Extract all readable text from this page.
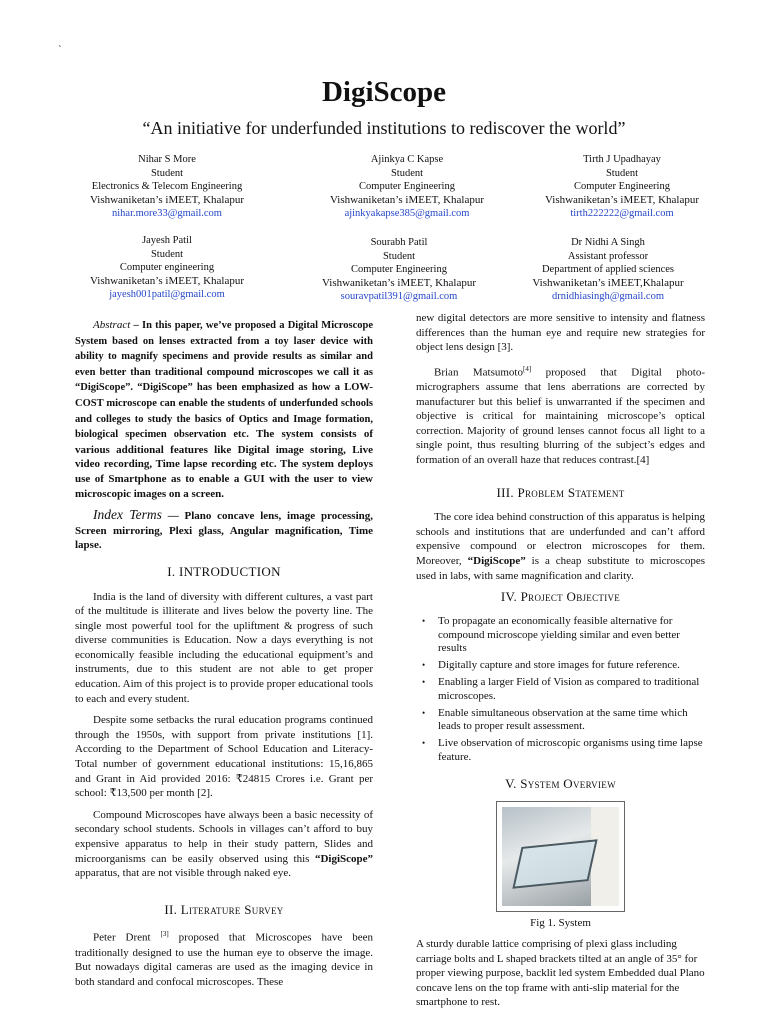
`
DigiScope

“An initiative for underfunded institutions to rediscover the world”

Nihar S More
Student
Electronics & Telecom Engineering
Vishwaniketan’s iMEET, Khalapur
nihar.more33@gmail.com
Ajinkya C Kapse
Student
Computer Engineering
Vishwaniketan’s iMEET, Khalapur
ajinkyakapse385@gmail.com
Tirth J Upadhayay
Student
Computer Engineering
Vishwaniketan’s iMEET, Khalapur
tirth222222@gmail.com
Jayesh Patil
Student
Computer engineering
Vishwaniketan’s iMEET, Khalapur
jayesh001patil@gmail.com
Sourabh Patil
Student
Computer Engineering
Vishwaniketan’s iMEET, Khalapur
souravpatil391@gmail.com
Dr Nidhi A Singh
Assistant professor
Department of applied sciences
Vishwaniketan’s iMEET,Khalapur
drnidhiasingh@gmail.com

Abstract – In this paper, we’ve proposed a Digital Microscope System based on lenses extracted from a toy laser device with ability to magnify specimens and provide results as similar and even better than traditional compound microscopes we call it as “DigiScope”. “DigiScope” has been emphasized as how a LOW-COST microscope can enable the students of underfunded schools and colleges to study the basics of Optics and Image formation, biological specimen observation etc. The system consists of various additional features like Digital image storing, Live video recording, Time lapse recording etc. The system deploys use of Smartphone as to enable a GUI with the user to view microscopic images on a screen.

Index Terms — Plano concave lens, image processing, Screen mirroring, Plexi glass, Angular magnification, Time lapse.

I. INTRODUCTION

India is the land of diversity with different cultures, a vast part of the multitude is illiterate and lives below the poverty line. The single most powerful tool for the upliftment & progress of such diverse communities is Education. Now a days everything is not economically feasible including the educational equipment’s and instruments, due to this student are not able to get proper education. Aim of this project is to provide proper educational tools to each and every student.

Despite some setbacks the rural education programs continued through the 1950s, with support from private institutions [1]. According to the Department of School Education and Literacy- Total number of government educational institutions: 15,16,865 and Grant in Aid provided 2016: ₹24815 Crores i.e. Grant per school: ₹13,500 per month [2].

Compound Microscopes have always been a basic necessity of secondary school students. Schools in villages can’t afford to buy expensive apparatus to help in their study pattern, Slides and microorganisms can be easily observed using this “DigiScope” apparatus, that are not visible through naked eye.

II. Literature Survey

Peter Drent [3] proposed that Microscopes have been traditionally designed to use the human eye to observe the image. But nowadays digital cameras are used as the imaging device in both standard and confocal microscopes. These

new digital detectors are more sensitive to intensity and flatness differences than the human eye and require new strategies for object lens design [3].

Brian Matsumoto[4] proposed that Digital photo-micrographers assume that lens aberrations are corrected by manufacturer but this belief is unwarranted if the specimen and objective is critical for maintaining microscope’s optical correction. Majority of ground lenses cannot focus all light to a single point, thus resulting blurring of the subject’s edges and formation of an overall haze that reduces contrast.[4]

III. Problem Statement

The core idea behind construction of this apparatus is helping schools and institutions that are underfunded and can’t afford expensive compound or electron microscopes for them. Moreover, “DigiScope” is a cheap substitute to microscopes used in labs, with same magnification and clarity.

IV. Project Objective
• To propagate an economically feasible alternative for compound microscope yielding similar and even better results
• Digitally capture and store images for future reference.
• Enabling a larger Field of Vision as compared to traditional microscopes.
• Enable simultaneous observation at the same time which leads to proper result assessment.
• Live observation of microscopic organisms using time lapse feature.
V. System Overview
Fig 1. System

A sturdy durable lattice comprising of plexi glass including carriage bolts and L shaped brackets tilted at an angle of 35° for proper viewing purpose, backlit led system Embedded dual Plano concave lens on the top frame with anti-slip material for the smartphone to rest.
